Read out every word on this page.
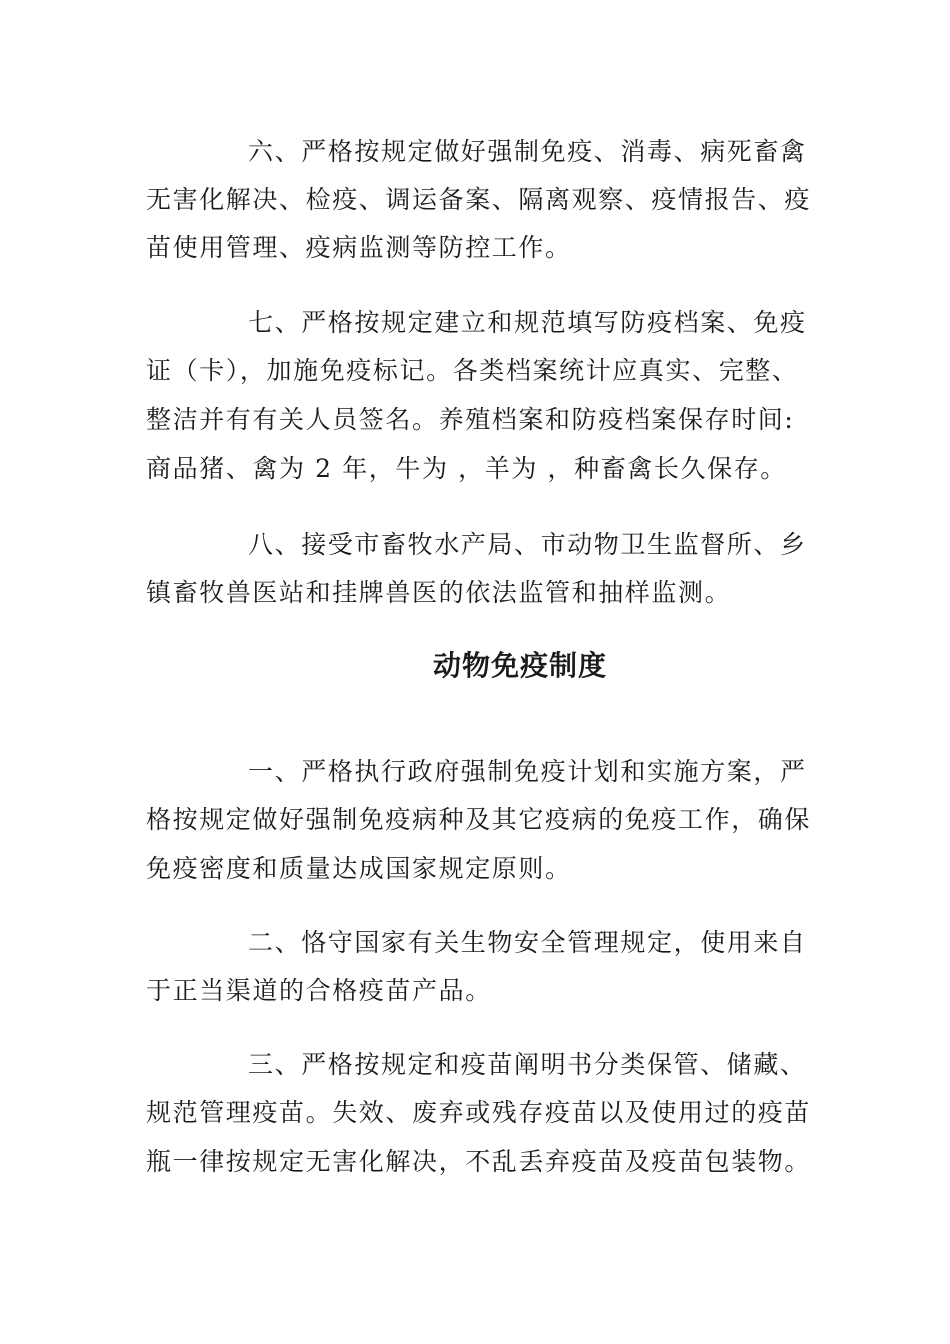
六、严格按规定做好强制免疫、消毒、病死畜禽
无害化解决、检疫、调运备案、隔离观察、疫情报告、疫
苗使用管理、疫病监测等防控工作。
七、严格按规定建立和规范填写防疫档案、免疫
证（卡），加施免疫标记。各类档案统计应真实、完整、
整洁并有有关人员签名。养殖档案和防疫档案保存时间:
商品猪、禽为 2 年，牛为 ，羊为 ，种畜禽长久保存。
八、接受市畜牧水产局、市动物卫生监督所、乡
镇畜牧兽医站和挂牌兽医的依法监管和抽样监测。
动物免疫制度
一、严格执行政府强制免疫计划和实施方案，严
格按规定做好强制免疫病种及其它疫病的免疫工作，确保
免疫密度和质量达成国家规定原则。
二、恪守国家有关生物安全管理规定，使用来自
于正当渠道的合格疫苗产品。
三、严格按规定和疫苗阐明书分类保管、储藏、
规范管理疫苗。失效、废弃或残存疫苗以及使用过的疫苗
瓶一律按规定无害化解决，不乱丢弃疫苗及疫苗包装物。
